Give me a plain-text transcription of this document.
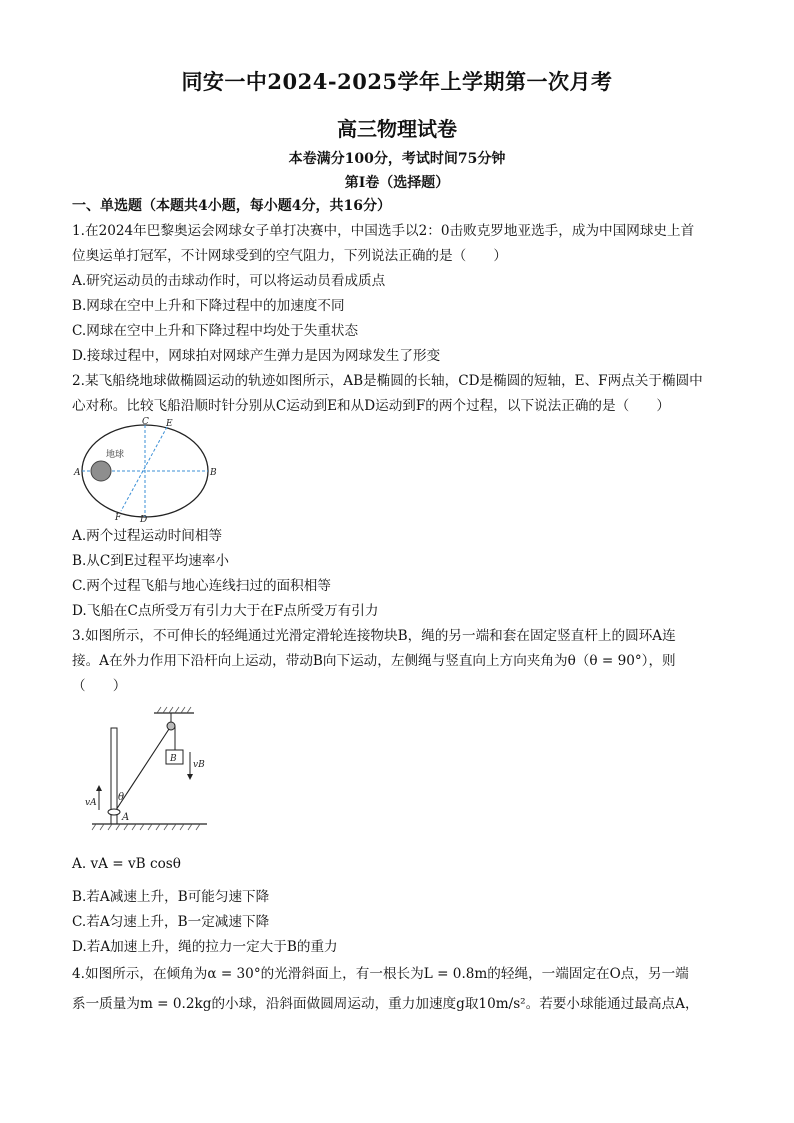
同安一中2024-2025学年上学期第一次月考
高三物理试卷
本卷满分100分，考试时间75分钟
第I卷（选择题）
一、单选题（本题共4小题，每小题4分，共16分）
1.在2024年巴黎奥运会网球女子单打决赛中，中国选手以2：0击败克罗地亚选手，成为中国网球史上首
位奥运单打冠军，不计网球受到的空气阻力，下列说法正确的是（　　）
A.研究运动员的击球动作时，可以将运动员看成质点
B.网球在空中上升和下降过程中的加速度不同
C.网球在空中上升和下降过程中均处于失重状态
D.接球过程中，网球拍对网球产生弹力是因为网球发生了形变
2.某飞船绕地球做椭圆运动的轨迹如图所示，AB是椭圆的长轴，CD是椭圆的短轴，E、F两点关于椭圆中
心对称。比较飞船沿顺时针分别从C运动到E和从D运动到F的两个过程，以下说法正确的是（　　）
地球
A	B
C
D
E
F
A.两个过程运动时间相等
B.从C到E过程平均速率小
C.两个过程飞船与地心连线扫过的面积相等
D.飞船在C点所受万有引力大于在F点所受万有引力
3.如图所示，不可伸长的轻绳通过光滑定滑轮连接物块B，绳的另一端和套在固定竖直杆上的圆环A连
接。A在外力作用下沿杆向上运动，带动B向下运动，左侧绳与竖直向上方向夹角为θ（θ = 90°），则
（　　）
B
vB
A
θ
vA
A. vA = vB cosθ
B.若A减速上升，B可能匀速下降
C.若A匀速上升，B一定减速下降
D.若A加速上升，绳的拉力一定大于B的重力
4.如图所示，在倾角为α = 30°的光滑斜面上，有一根长为L = 0.8m的轻绳，一端固定在O点，另一端
系一质量为m = 0.2kg的小球，沿斜面做圆周运动，重力加速度g取10m/s²。若要小球能通过最高点A，
